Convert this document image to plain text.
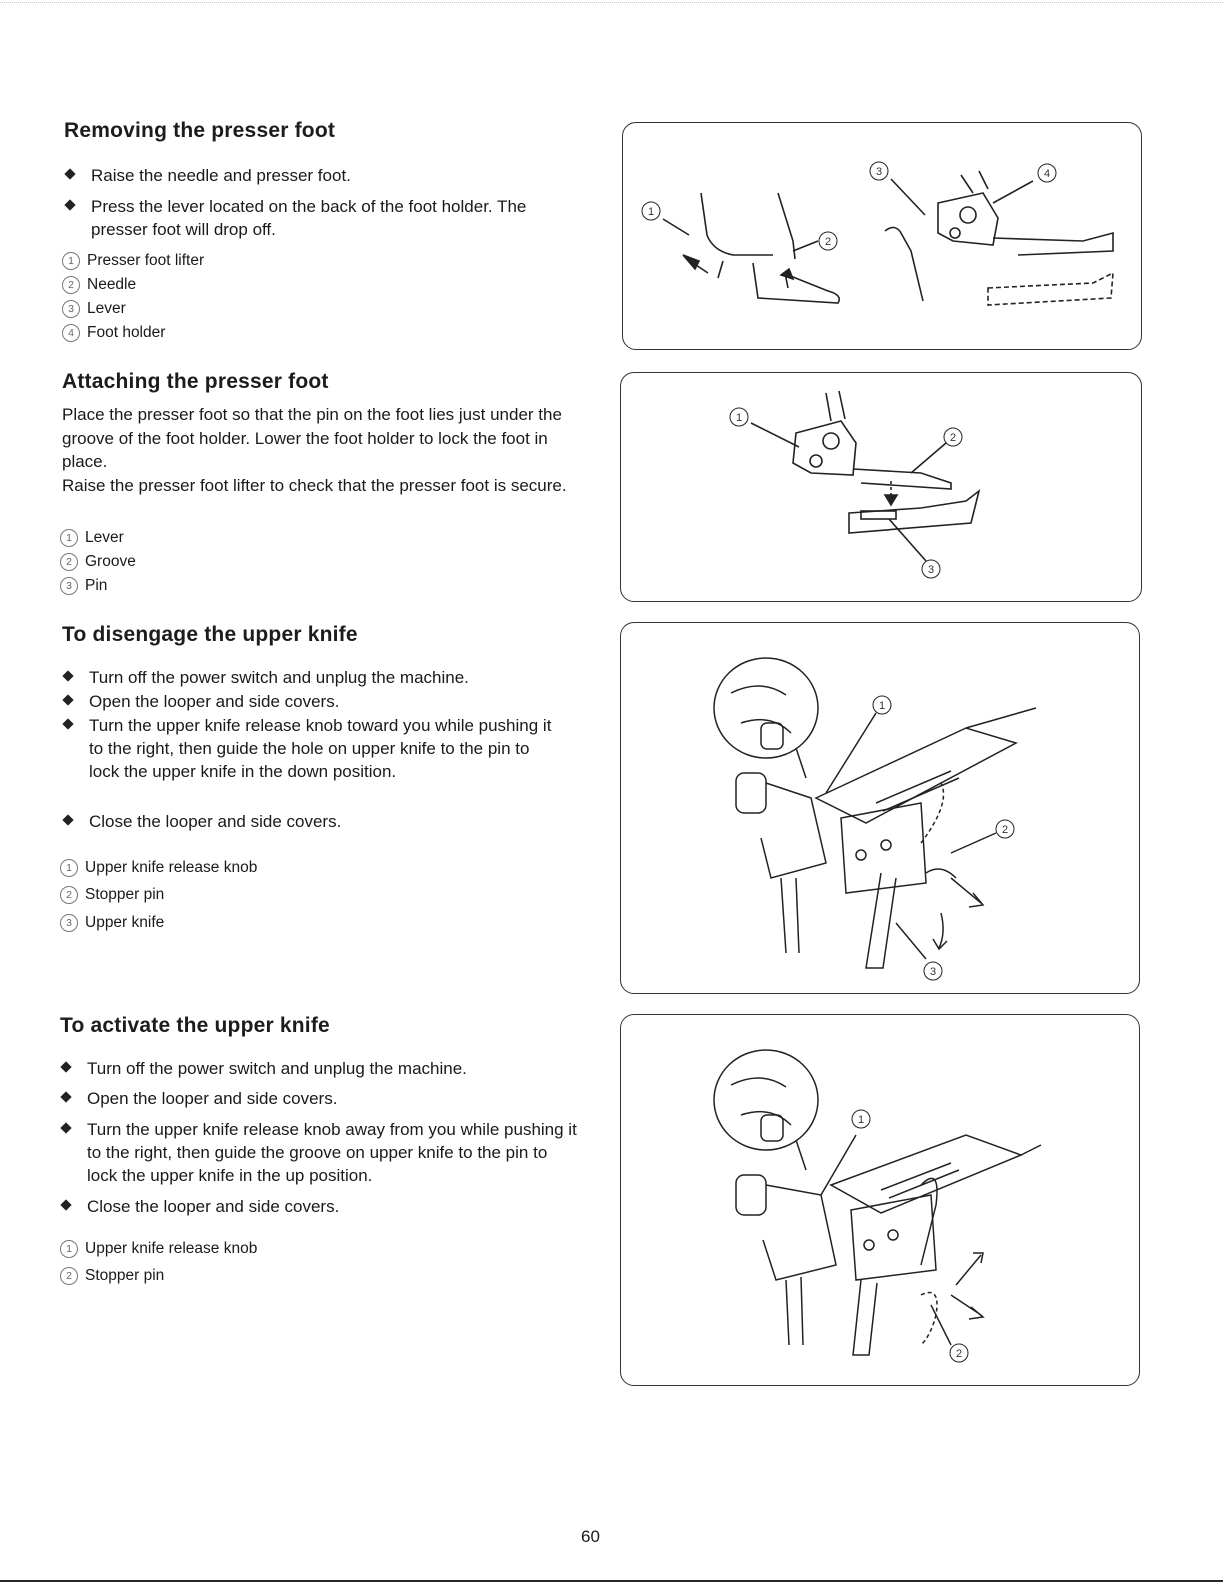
Removing the presser foot
Raise the needle and presser foot.
Press the lever located on the back of the foot holder. The presser foot will drop off.
1 Presser foot lifter
2 Needle
3 Lever
4 Foot holder
1
2
3	4
Attaching the presser foot
Place the presser foot so that the pin on the foot lies just under the groove of the foot holder. Lower the foot holder to lock the foot in place.
Raise the presser foot lifter to check that the presser foot is secure.
1 Lever
2 Groove
3 Pin
1
2
3
To disengage the upper knife
Turn off the power switch and unplug the machine.
Open the looper and side covers.
Turn the upper knife release knob toward you while pushing it to the right, then guide the hole on upper knife to the pin to lock the upper knife in the down position.
Close the looper and side covers.
1 Upper knife release knob
2 Stopper pin
3 Upper knife
1
2
3
To activate the upper knife
Turn off the power switch and unplug the machine.
Open the looper and side covers.
Turn the upper knife release knob away from you while pushing it to the right, then guide the groove on upper knife to the pin to lock the upper knife in the up position.
Close the looper and side covers.
1 Upper knife release knob
2 Stopper pin
1
2
60
